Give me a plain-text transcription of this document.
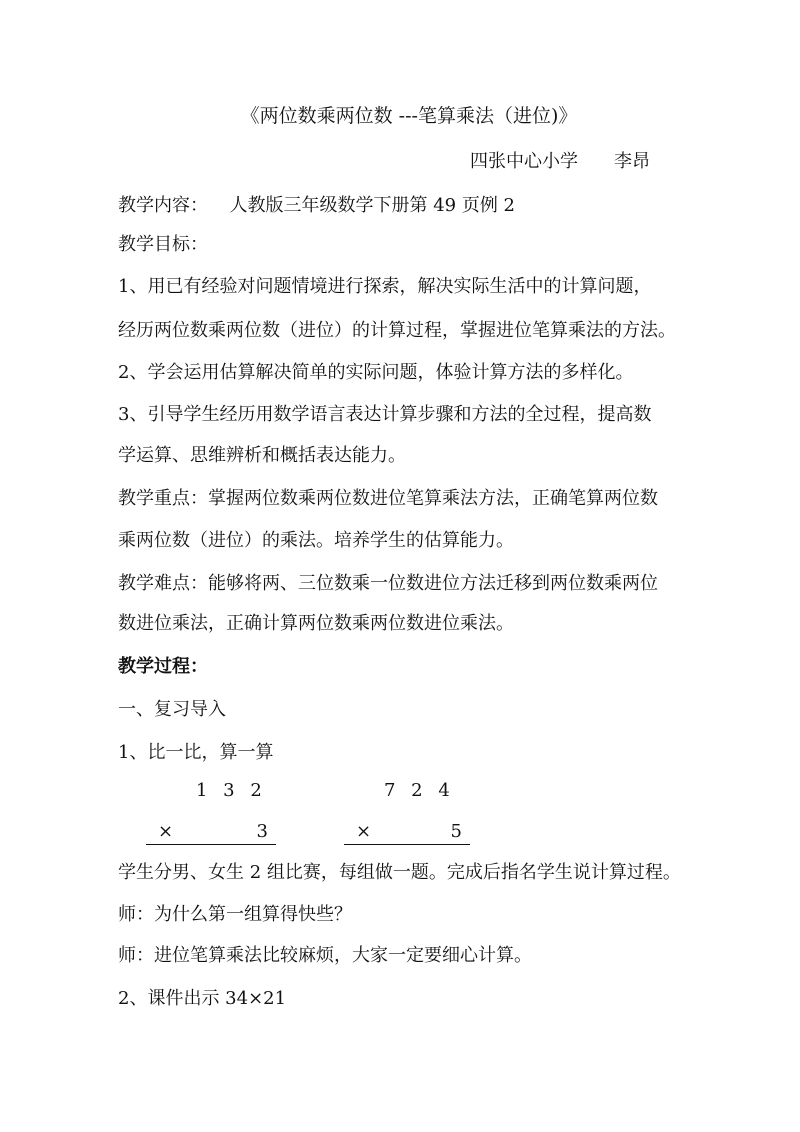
《两位数乘两位数 ---笔算乘法（进位)》
四张中心小学 李昂
教学内容： 人教版三年级数学下册第 49 页例 2
教学目标：
1、用已有经验对问题情境进行探索，解决实际生活中的计算问题，
经历两位数乘两位数（进位）的计算过程，掌握进位笔算乘法的方法。
2、学会运用估算解决简单的实际问题，体验计算方法的多样化。
3、引导学生经历用数学语言表达计算步骤和方法的全过程，提高数
学运算、思维辨析和概括表达能力。
教学重点：掌握两位数乘两位数进位笔算乘法方法，正确笔算两位数
乘两位数（进位）的乘法。培养学生的估算能力。
教学难点：能够将两、三位数乘一位数进位方法迁移到两位数乘两位
数进位乘法，正确计算两位数乘两位数进位乘法。
教学过程：
一、复习导入
1、比一比，算一算
1 3 2
×	3
7 2 4
×	5
学生分男、女生 2 组比赛，每组做一题。完成后指名学生说计算过程。
师：为什么第一组算得快些？
师：进位笔算乘法比较麻烦，大家一定要细心计算。
2、课件出示 34×21
